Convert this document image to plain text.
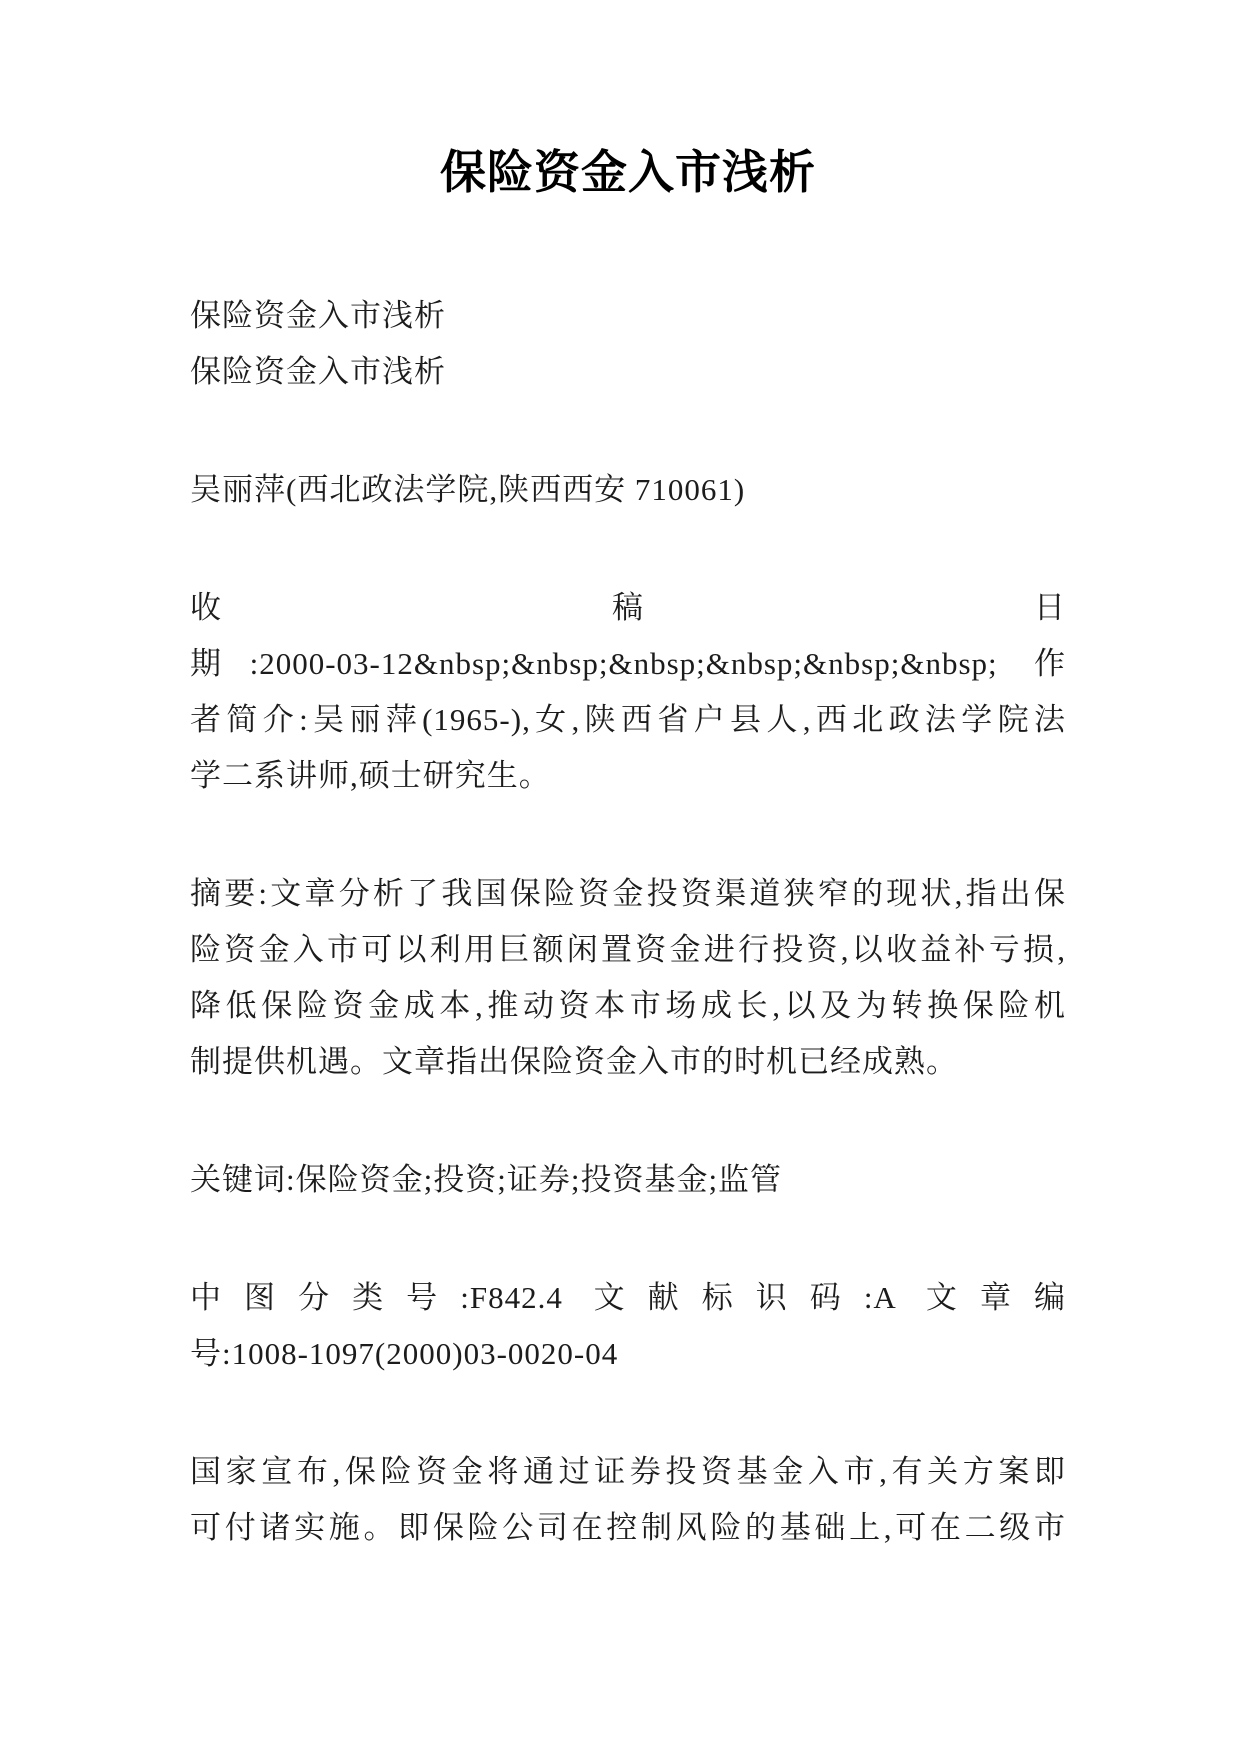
保险资金入市浅析

保险资金入市浅析
保险资金入市浅析

吴丽萍(西北政法学院,陕西西安 710061)

收稿日
期:2000-03-12&nbsp;&nbsp;&nbsp;&nbsp;&nbsp;&nbsp; 作
者简介:吴丽萍(1965-),女,陕西省户县人,西北政法学院法
学二系讲师,硕士研究生。

摘要:文章分析了我国保险资金投资渠道狭窄的现状,指出保
险资金入市可以利用巨额闲置资金进行投资,以收益补亏损,
降低保险资金成本,推动资本市场成长,以及为转换保险机
制提供机遇。文章指出保险资金入市的时机已经成熟。

关键词:保险资金;投资;证券;投资基金;监管

中图分类号:F842.4 文献标识码:A 文章编
号:1008-1097(2000)03-0020-04

国家宣布,保险资金将通过证券投资基金入市,有关方案即
可付诸实施。即保险公司在控制风险的基础上,可在二级市
